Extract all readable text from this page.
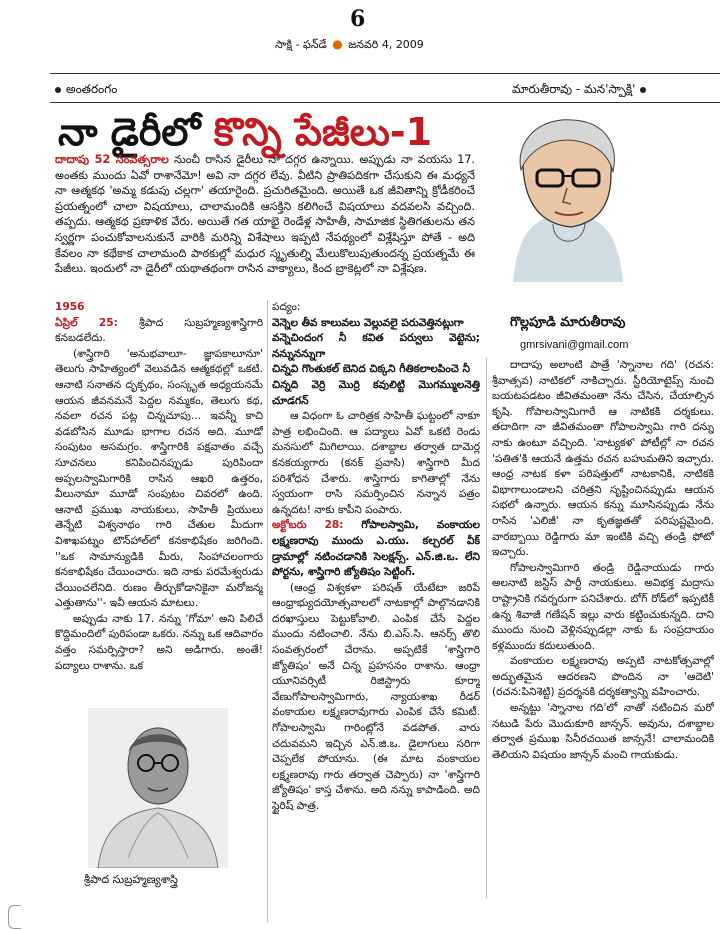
6
సాక్షి - ఫన్‌డే ● జనవరి 4, 2009
అంతరంగం	మారుతీరావు - మన'స్పాక్షి'
నా డైరీలో కొన్ని పేజీలు-1
దాదాపు 52 సంవత్సరాల నుంచీ రాసిన డైరీలు నా దగ్గర ఉన్నాయి. అప్పుడు నా వయసు 17. అంతకు ముందు ఏవో రాశానేమో! అవి నా దగ్గర లేవు. వీటిని ప్రాతిపదికగా చేసుకుని ఈ మధ్యనే నా ఆత్మకథ 'అమ్మ కడుపు చల్లగా' తయారైంది. ప్రచురితమైంది. అయితే ఒక జీవితాన్ని క్రోడీకరించే ప్రయత్నంలో చాలా విషయాలు, చాలామందికి ఆసక్తిని కలిగించే విషయాలు వదవలసి వచ్చింది. తప్పదు. ఆత్మకథ ప్రణాళిక వేరు. అయితే గత యాభై రెండేళ్ల సాహితీ, సామాజిక స్థితిగతులను తన స్వర్ణగా పంచుకోవాలనుకునే వారికి మరిన్ని విశేషాలు ఇప్పటి నేపథ్యంలో విశ్లేషిస్తూ పోతే - అది కేవలం నా కథేకాక చాలామంది పాఠకుల్లో మధుర స్మృతుల్ని మేలుకొలుపుతుందన్న ప్రయత్నమే ఈ పేజీలు. ఇందులో నా డైరీలో యథాతథంగా రాసిన వాక్యాలు, కింద బ్రాకెట్లలో నా విశ్లేషణ.
గొల్లపూడి మారుతీరావు
gmrsivani@gmail.com

1956

ఏప్రిల్ 25: శ్రీపాద సుబ్రహ్మణ్యశాస్త్రిగారి కనబడలేదు.

(శాస్త్రిగారి 'అనుభవాలూ- జ్ఞాపకాలూనూ' తెలుగు సాహిత్యంలో వెలువడిన ఆత్మకథల్లో ఒకటి. ఆనాటి సనాతన దృక్పథం, సంస్కృత అధ్యయనమే ఆయన జీవనమనే పెద్దల నమ్మకం, తెలుగు కథ, నవలా రచన పట్ల చిన్నచూపు... ఇవన్నీ కాచి వడబోసిన మూడు భాగాల రచన అది. మూడో సంపుటం అసమగ్రం. శాస్త్రిగారికి పక్షవాతం వచ్చే సూచనలు కనిపించినప్పుడు పురిపిందా అప్పలస్వామిగారికి రాసిన ఆఖరి ఉత్తరం, వీలునామా మూడో సంపుటం చివరలో ఉంది. ఆనాటి ప్రముఖ నాయకులు, సాహితీ ప్రియులు తెన్నేటి విశ్వనాథం గారి చేతుల మీదుగా విశాఖపట్నం టౌన్‌హాల్‌లో కనకాభిషేకం జరిగింది. ''ఒక సామాన్యుడికి మీరు, సింహాచలంగారు కనకాభిషేకం చేయించారు. ఇది నాకు పరమేశ్వరుడు చేయించలేనిది. రుణం తీర్చుకోడానికైనా మరోజన్మ ఎత్తుతాను''- ఇవీ ఆయన మాటలు.

అప్పుడు నాకు 17. నన్ను 'గోమా' అని పిలిచే కొద్దిమందిలో పురిపండా ఒకరు. నన్ను ఒక ఆదివారం వత్తం సమర్పిస్తారా? అని అడిగారు. అంతే! పద్యాలు రాశాను. ఒక

శ్రీపాద సుబ్రహ్మణ్యశాస్త్రి

పద్యం:

వెన్నెల తీవ కాలువలు వెల్లువలై పరువెత్తినట్లుగా

వన్నెచిందంగ నీ కవిత పర్వులు వెట్టెను; నన్నునన్నుగా

చిన్నవి గొంతుకల్ బెనిద చిక్కని గీతికలాలపించె నీ

చిన్నది వెర్రి మొర్రి కవులిట్టి మొగమ్ములనెత్తి చూడగన్

ఆ విధంగా ఓ చారిత్రక సాహితీ ఘట్టంలో నాకూ పాత్ర లభించింది. ఆ పద్యాలు ఏవో ఒకటి రెండు మనసులో మిగిలాయి. దశాబ్దాల తర్వాత దామెర్ల కనకయ్యగారు (కనక్ ప్రవాసి) శాస్త్రిగారి మీద పరిశోధన చేశారు. శాస్త్రిగారు కాగితాల్లో నేను స్వయంగా రాసి సమర్పించిన నన్నాన పత్రం ఉన్నదట! నాకు కాపీని పంపారు.

అక్టోబరు 28: గోపాలస్వామి, వంకాయల లక్ష్మణరావు ముందు ఎ.యు. కల్చరల్ వీక్ డ్రామాల్లో నటించడానికి సెలక్షన్స్. ఎన్.జి.ఒ. లేని పోర్టను, శాస్త్రిగారి జ్యోతిషం సెట్టింగ్.

(ఆంధ్ర విశ్వకళా పరిషత్ యేటేటా జరిపే ఆంధ్రాభ్యుదయోత్సవాలలో నాటకాల్లో పాల్గొనడానికి దరఖాస్తులు పెట్టుకోవాలి. ఎంపిక చేసే పెద్దల ముందు నటించాలి. నేను బి.ఎస్.సి. ఆనర్స్ తొలి సంవత్సరంలో చేరాను. అప్పటికే 'శాస్త్రిగారి జ్యోతిషం' అనే చిన్న ప్రహసనం రాశాను. ఆంధ్రా యూనివర్సిటీ రిజిస్ట్రారు కూర్మా వేణుగోపాలస్వామిగారు, న్యాయశాఖ రీడర్ వంకాయల లక్ష్మణరావుగారు ఎంపిక చేసే కమిటీ. గోపాలస్వామి గారింట్లోనే వడపోత. వారు చదువమని ఇచ్చిన ఎన్.జి.ఒ. డైలాగులు సరిగా చెప్పలేక పోయాను. (ఈ మాట వంకాయల లక్ష్మణరావు గారు తర్వాత చెప్పారు) నా 'శాస్త్రిగారి జ్యోతిషం' కాస్త చేశాను. అది నన్ను కాపాడింది. అది స్టైరిష్ పాత్ర.

దాదాపు అలాంటి పాత్రే 'స్నానాల గది' (రచన: శ్రీవాత్సవ) నాటికలో నాకిచ్చారు. స్టీరియోటైప్స్ నుంచి బయటపడటం జీవితమంతా నేను చేసిన, చేయాల్సిన కృషి. గోపాలస్వామిగారే ఆ నాటికకి దర్శకులు. తదాదిగా నా జీవితమంతా గోపాలస్వామి గారి దన్ను నాకు ఉంటూ వచ్చింది. 'నాట్యకళ' పోటీల్లో నా రచన 'పతిత'కి ఆయనే ఉత్తమ రచన బహుమతిని ఇచ్చారు. ఆంధ్ర నాటక కళా పరిషత్తులో నాటకానికి, నాటికకి విభాగాలుండాలని చరిత్రని సృష్టించినప్పుడు ఆయన సభలో ఉన్నారు. ఆయన కన్ను మూసినప్పుడు నేను రాసిన 'ఎలిజీ' నా కృతజ్ఞతతో పరిపుష్టమైంది. వారబ్బాయి రెడ్డిగారు మా ఇంటికి వచ్చి తండ్రి ఫోటో ఇచ్చారు.

గోపాలస్వామిగారి తండ్రి రెడ్డినాయుడు గారు అలనాటి జస్టిస్ పార్టీ నాయకులు. అవిభక్త మద్రాసు రాష్ట్రానికి గవర్నరుగా పనిచేశారు. బోగ్ రోడ్‌లో ఇప్పటికీ ఉన్న శివాజీ గణేషన్ ఇల్లు వారు కట్టించుకున్నది. దాని ముందు నుంచి వెళ్లినప్పుడల్లా నాకు ఓ సంప్రదాయం కళ్లముందు కదులుతుంది.

వంకాయల లక్ష్మణరావు అప్పటి నాటకోత్సవాల్లో అద్భుతమైన ఆదరణని పొందిన నా 'ఆదెటి' (రచన:పినిశెట్టి) ప్రదర్శనకి దర్శకత్వాన్ని వహించారు.

అన్నట్టు 'స్నానాల గది'లో నాతో నటించిన మరో నటుడి పేరు మొదుకూరి జాన్సన్. అవును, దశాబ్దాల తర్వాత ప్రముఖ సినీరచయిత జాన్సనే! చాలామందికి తెలియని విషయం జాన్సన్ మంచి గాయకుడు.
